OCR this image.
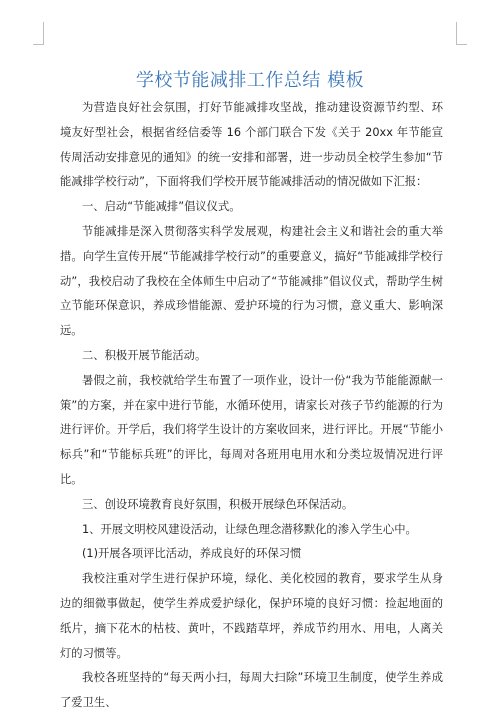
学校节能减排工作总结 模板

为营造良好社会氛围，打好节能减排攻坚战，推动建设资源节约型、环境友好型社会，根据省经信委等 16 个部门联合下发《关于 20xx 年节能宣传周活动安排意见的通知》的统一安排和部署，进一步动员全校学生参加“节能减排学校行动”，下面将我们学校开展节能减排活动的情况做如下汇报：

一、启动“节能减排”倡议仪式。

节能减排是深入贯彻落实科学发展观，构建社会主义和谐社会的重大举措。向学生宣传开展“节能减排学校行动”的重要意义，搞好“节能减排学校行动”，我校启动了我校在全体师生中启动了“节能减排”倡议仪式，帮助学生树立节能环保意识，养成珍惜能源、爱护环境的行为习惯，意义重大、影响深远。

二、积极开展节能活动。

暑假之前，我校就给学生布置了一项作业，设计一份“我为节能能源献一策”的方案，并在家中进行节能，水循环使用，请家长对孩子节约能源的行为进行评价。开学后，我们将学生设计的方案收回来，进行评比。开展“节能小标兵”和“节能标兵班”的评比，每周对各班用电用水和分类垃圾情况进行评比。

三、创设环境教育良好氛围，积极开展绿色环保活动。

1、开展文明校风建设活动，让绿色理念潜移默化的渗入学生心中。

(1)开展各项评比活动，养成良好的环保习惯

我校注重对学生进行保护环境，绿化、美化校园的教育，要求学生从身边的细微事做起，使学生养成爱护绿化，保护环境的良好习惯：捡起地面的纸片，摘下花木的枯枝、黄叶，不践踏草坪，养成节约用水、用电，人离关灯的习惯等。

我校各班坚持的“每天两小扫，每周大扫除”环境卫生制度，使学生养成了爱卫生、
